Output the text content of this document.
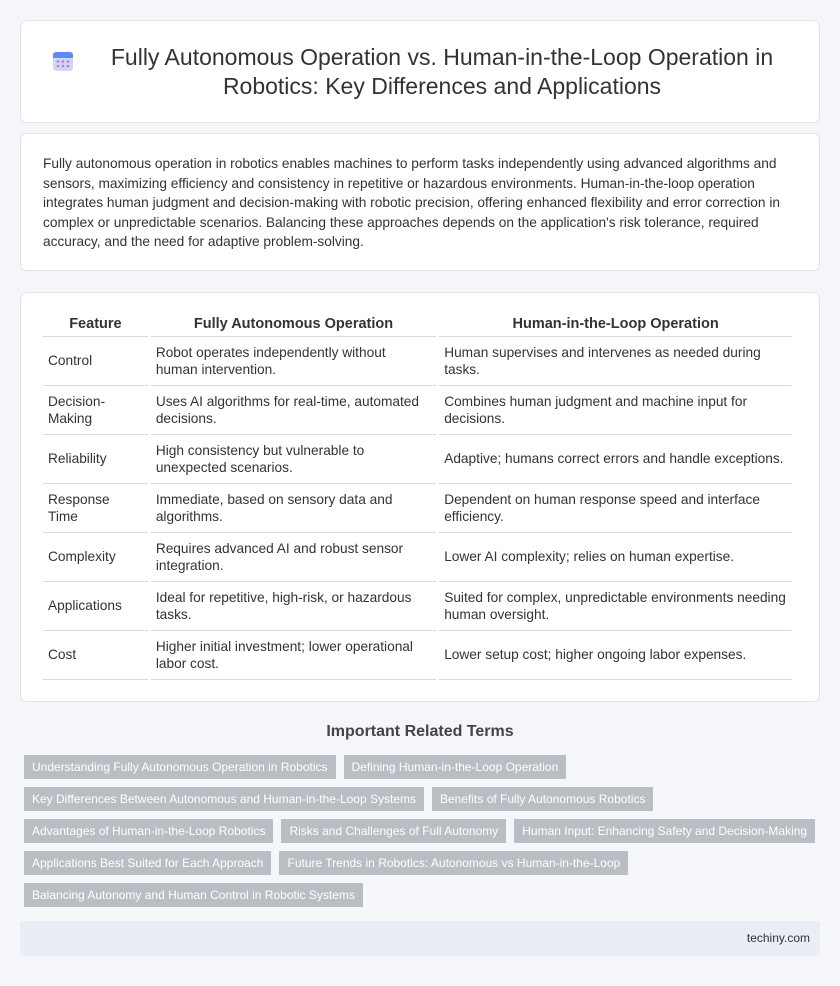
Fully Autonomous Operation vs. Human-in-the-Loop Operation in Robotics: Key Differences and Applications

Fully autonomous operation in robotics enables machines to perform tasks independently using advanced algorithms and sensors, maximizing efficiency and consistency in repetitive or hazardous environments. Human-in-the-loop operation integrates human judgment and decision-making with robotic precision, offering enhanced flexibility and error correction in complex or unpredictable scenarios. Balancing these approaches depends on the application's risk tolerance, required accuracy, and the need for adaptive problem-solving.

Feature	Fully Autonomous Operation	Human-in-the-Loop Operation
Control	Robot operates independently without human intervention.	Human supervises and intervenes as needed during tasks.
Decision-Making	Uses AI algorithms for real-time, automated decisions.	Combines human judgment and machine input for decisions.
Reliability	High consistency but vulnerable to unexpected scenarios.	Adaptive; humans correct errors and handle exceptions.
Response Time	Immediate, based on sensory data and algorithms.	Dependent on human response speed and interface efficiency.
Complexity	Requires advanced AI and robust sensor integration.	Lower AI complexity; relies on human expertise.
Applications	Ideal for repetitive, high-risk, or hazardous tasks.	Suited for complex, unpredictable environments needing human oversight.
Cost	Higher initial investment; lower operational labor cost.	Lower setup cost; higher ongoing labor expenses.
Important Related Terms
Understanding Fully Autonomous Operation in Robotics	Defining Human-in-the-Loop Operation
Key Differences Between Autonomous and Human-in-the-Loop Systems	Benefits of Fully Autonomous Robotics
Advantages of Human-in-the-Loop Robotics	Risks and Challenges of Full Autonomy	Human Input: Enhancing Safety and Decision-Making
Applications Best Suited for Each Approach	Future Trends in Robotics: Autonomous vs Human-in-the-Loop
Balancing Autonomy and Human Control in Robotic Systems
techiny.com
